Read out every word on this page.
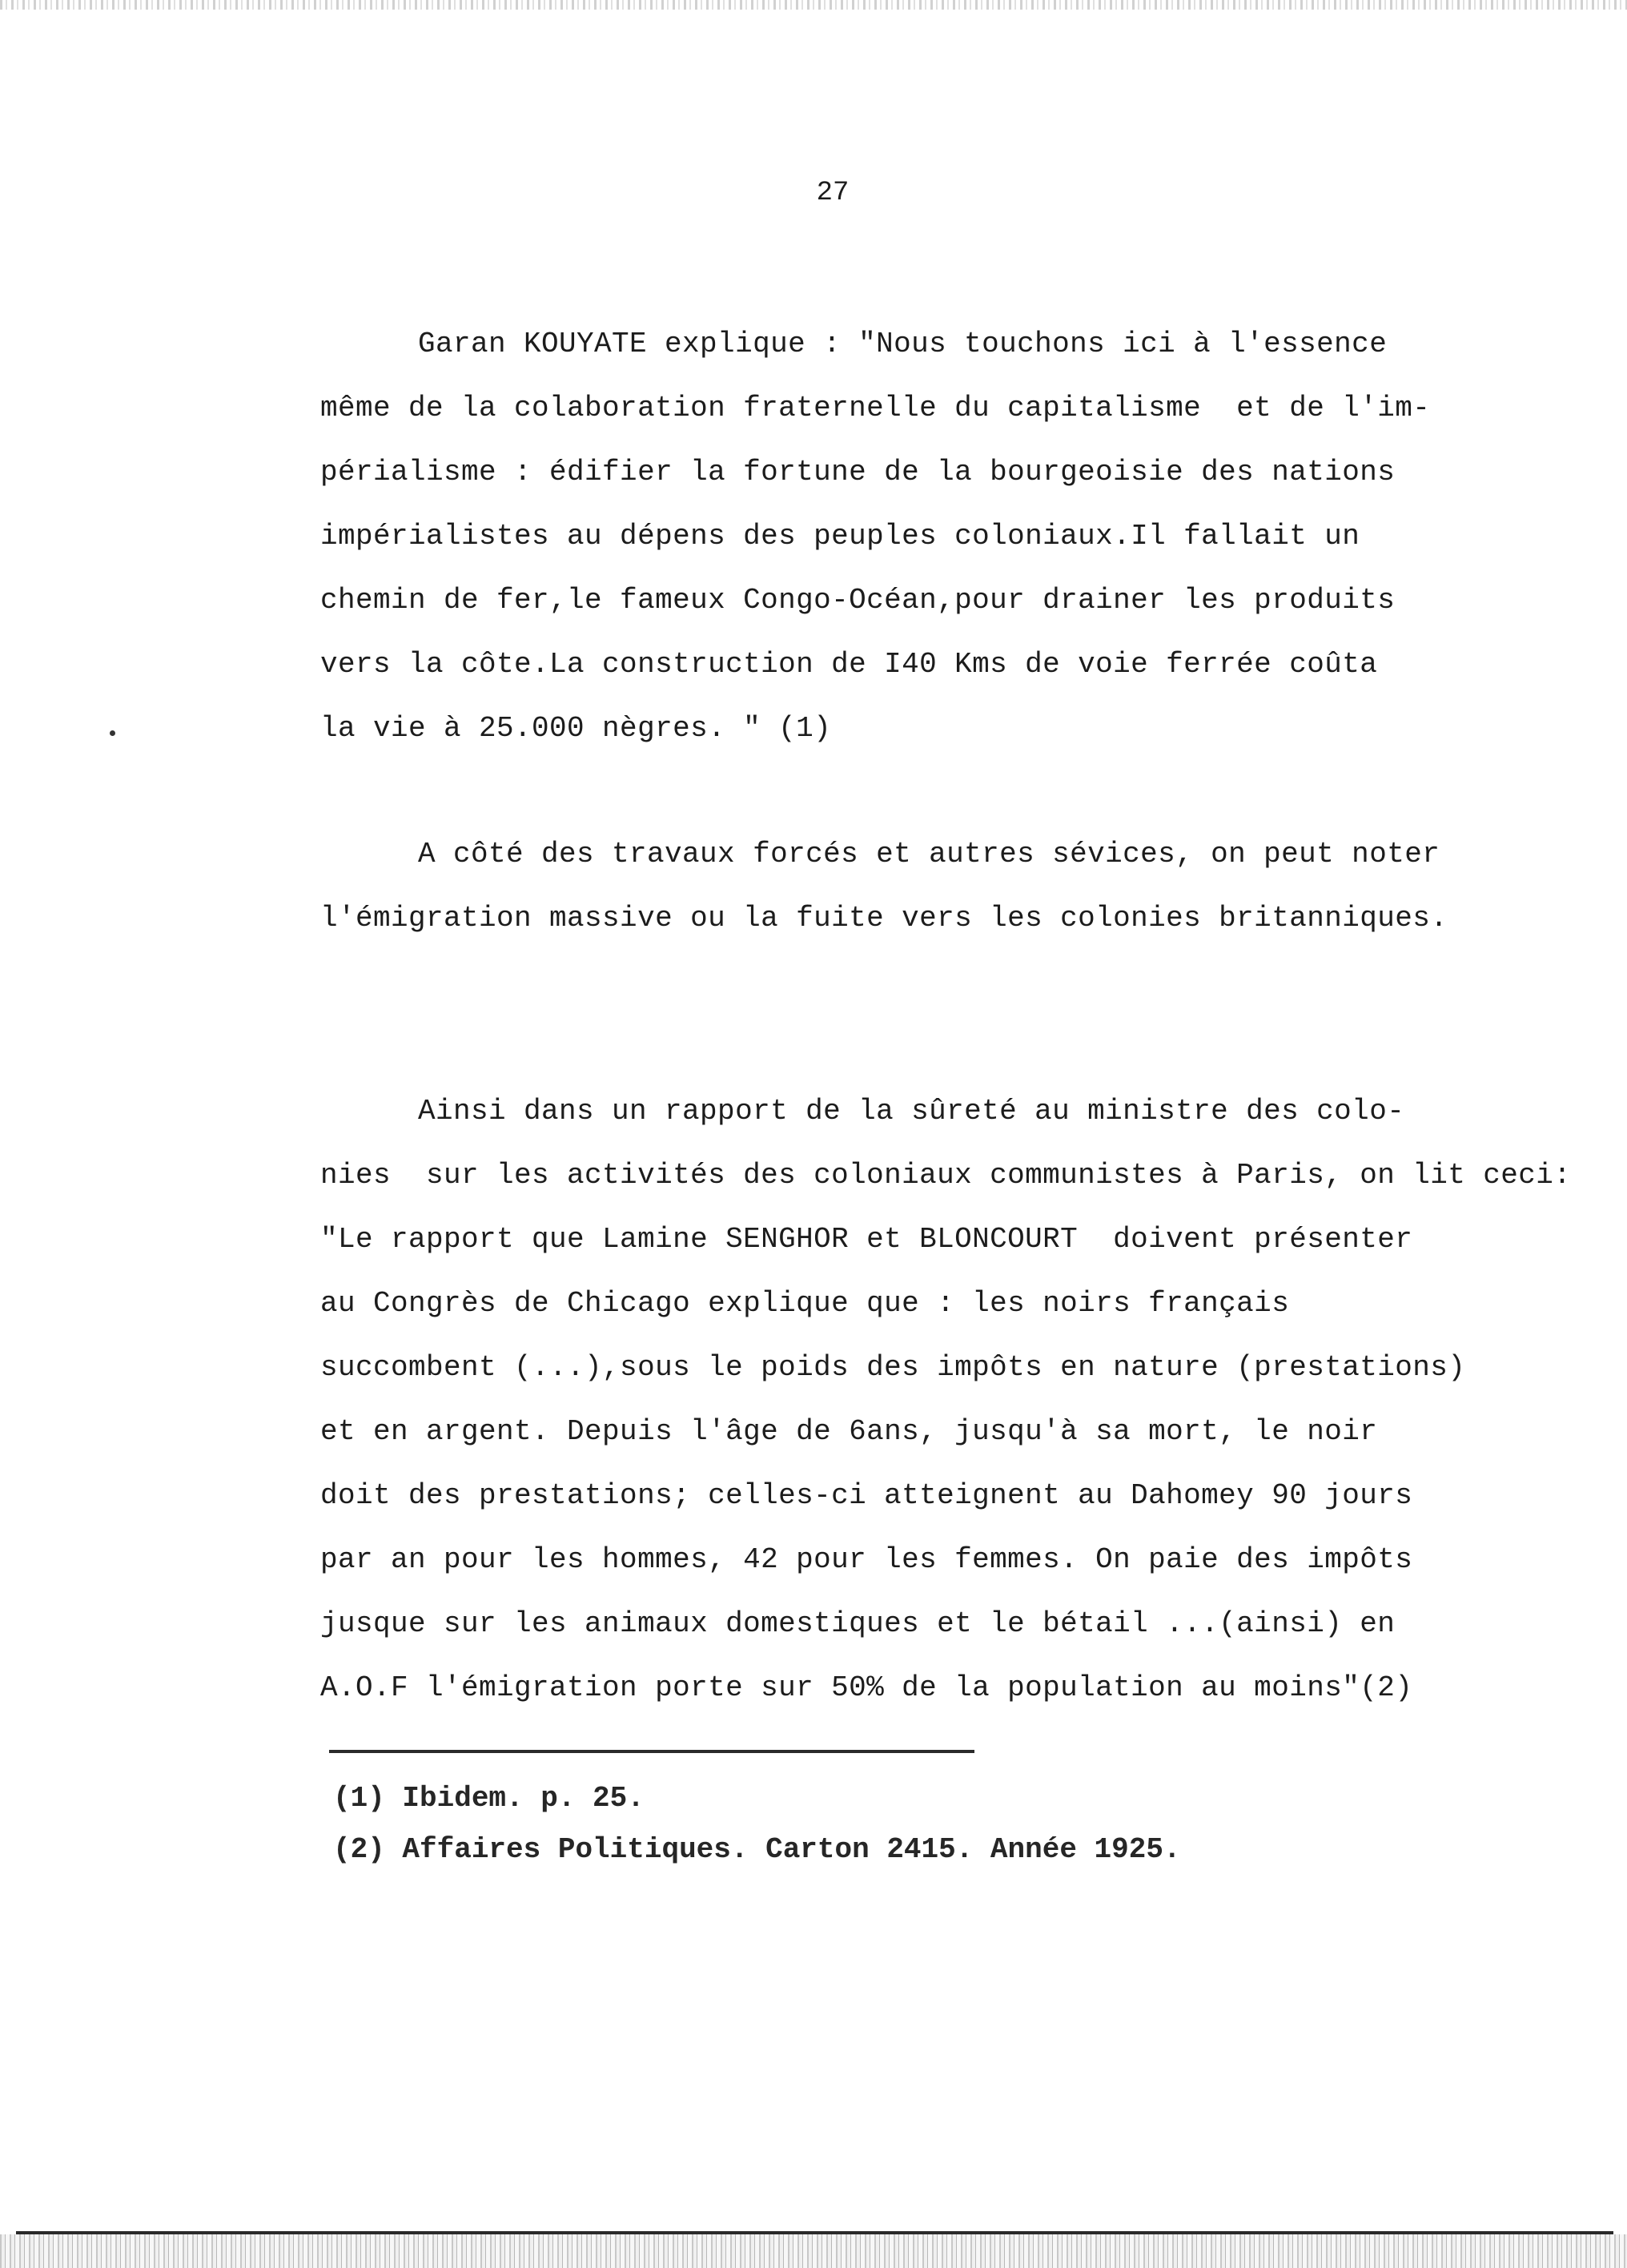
27
Garan KOUYATE explique : "Nous touchons ici à l'essence
même de la colaboration fraternelle du capitalisme  et de l'im-
périalisme : édifier la fortune de la bourgeoisie des nations
impérialistes au dépens des peuples coloniaux.Il fallait un
chemin de fer,le fameux Congo-Océan,pour drainer les produits
vers la côte.La construction de I40 Kms de voie ferrée coûta
la vie à 25.000 nègres. " (1)
A côté des travaux forcés et autres sévices, on peut noter
l'émigration massive ou la fuite vers les colonies britanniques.
Ainsi dans un rapport de la sûreté au ministre des colo-
nies  sur les activités des coloniaux communistes à Paris, on lit ceci:
"Le rapport que Lamine SENGHOR et BLONCOURT  doivent présenter
au Congrès de Chicago explique que : les noirs français
succombent (...),sous le poids des impôts en nature (prestations)
et en argent. Depuis l'âge de 6ans, jusqu'à sa mort, le noir
doit des prestations; celles-ci atteignent au Dahomey 90 jours
par an pour les hommes, 42 pour les femmes. On paie des impôts
jusque sur les animaux domestiques et le bétail ...(ainsi) en
A.O.F l'émigration porte sur 50% de la population au moins"(2)
(1) Ibidem. p. 25.
(2) Affaires Politiques. Carton 2415. Année 1925.
